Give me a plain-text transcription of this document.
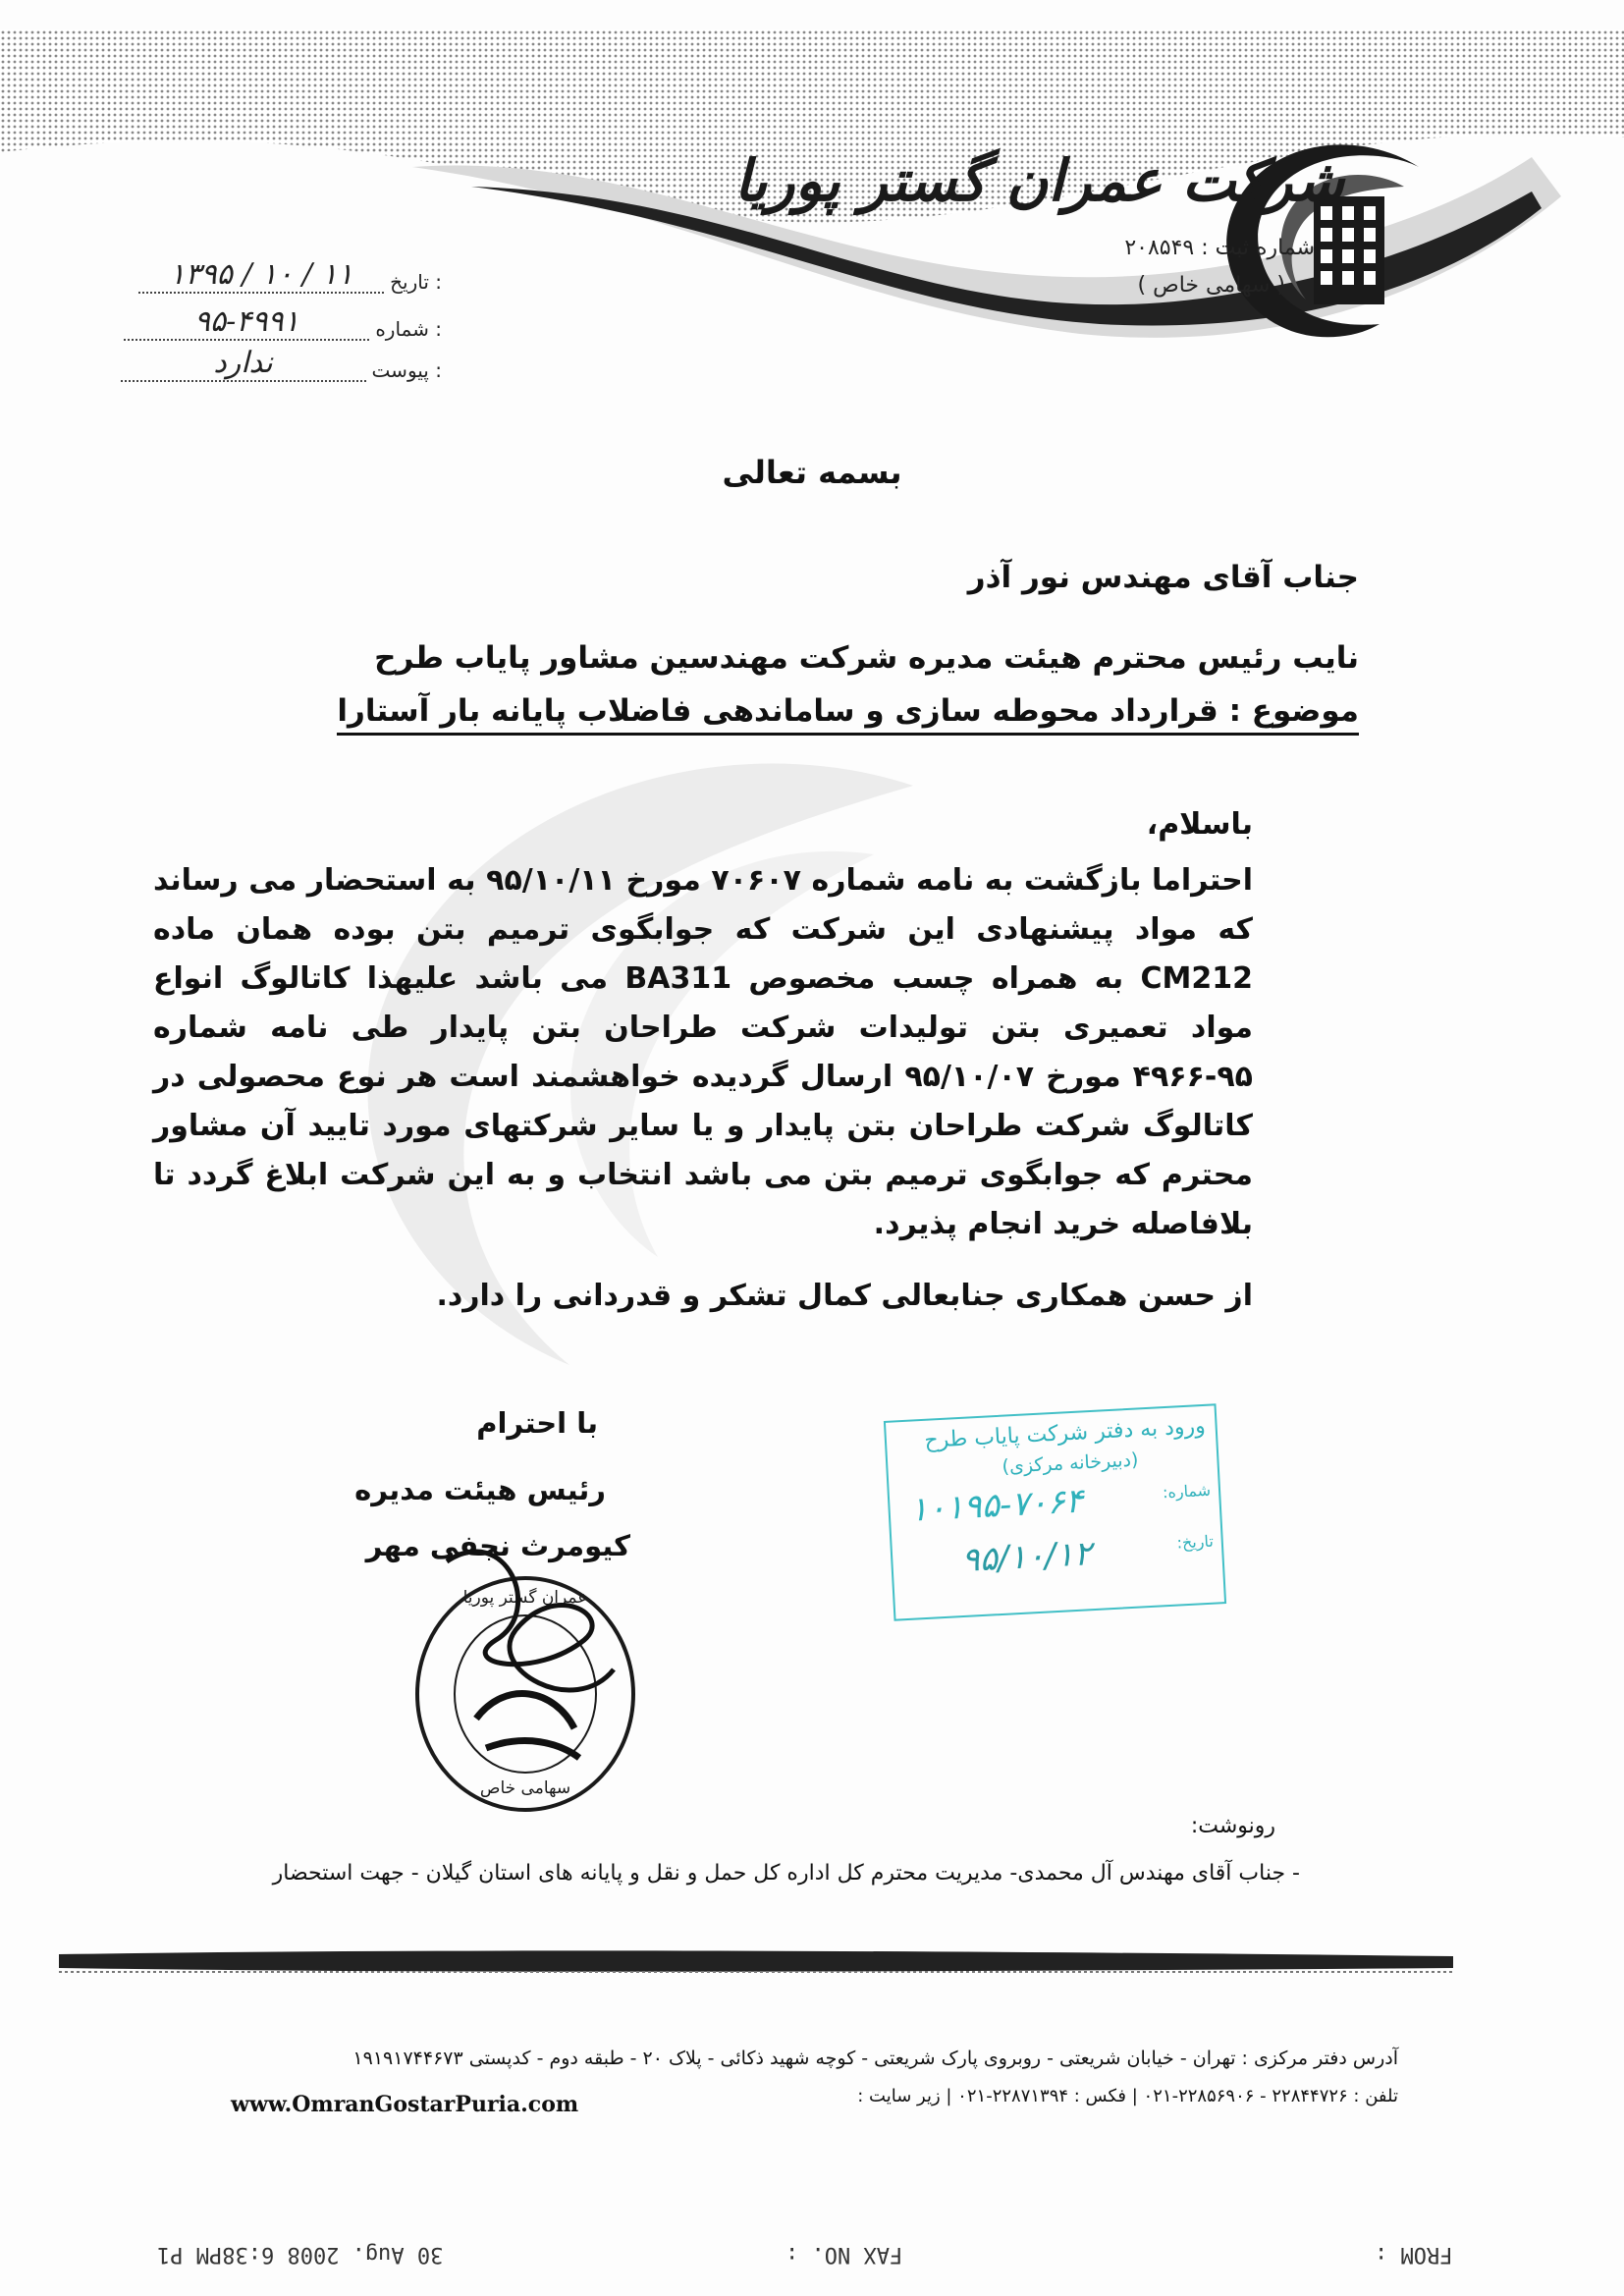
شرکت عمران گستر پوریا
شماره ثبت : ۲۰۸۵۴۹
( سهامی خاص )
تاریخ :
۱۳۹۵ / ۱۰ / ۱۱
شماره :
۹۵-۴۹۹۱
پیوست :
ندارد
بسمه تعالی
جناب آقای مهندس نور آذر
نایب رئیس محترم هیئت مدیره شرکت مهندسین مشاور پایاب طرح
موضوع : قرارداد محوطه سازی و ساماندهی فاضلاب پایانه بار آستارا
باسلام،
احتراما بازگشت به نامه شماره ۷۰۶۰۷ مورخ ۹۵/۱۰/۱۱ به استحضار می رساند که مواد پیشنهادی این شرکت که جوابگوی ترمیم بتن بوده همان ماده CM212 به همراه چسب مخصوص BA311 می باشد علیهذا کاتالوگ انواع مواد تعمیری بتن تولیدات شرکت طراحان بتن پایدار طی نامه شماره ۹۵-۴۹۶۶ مورخ ۹۵/۱۰/۰۷ ارسال گردیده خواهشمند است هر نوع محصولی در کاتالوگ شرکت طراحان بتن پایدار و یا سایر شرکتهای مورد تایید آن مشاور محترم که جوابگوی ترمیم بتن می باشد انتخاب و به این شرکت ابلاغ گردد تا بلافاصله خرید انجام پذیرد.
از حسن همکاری جنابعالی کمال تشکر و قدردانی را دارد.
با احترام
رئیس هیئت مدیره
کیومرث نجفی مهر
عمران گستر پوریا
سهامی خاص
ورود به دفتر شرکت پایاب طرح
(دبیرخانه مرکزی)
شماره:
۱۰۱۹۵-۷۰۶۴
تاریخ:
۹۵/۱۰/۱۲
رونوشت:
- جناب آقای مهندس آل محمدی- مدیریت محترم کل اداره کل حمل و نقل و پایانه های استان گیلان - جهت استحضار
آدرس دفتر مرکزی : تهران - خیابان شریعتی - روبروی پارک شریعتی - کوچه شهید ذکائی - پلاک ۲۰ - طبقه دوم - کدپستی ۱۹۱۹۱۷۴۴۶۷۳
تلفن : ۲۲۸۴۴۷۲۶ - ۲۲۸۵۶۹۰۶-۰۲۱ | فکس : ۲۲۸۷۱۳۹۴-۰۲۱ | زیر سایت :
www.OmranGostarPuria.com
FROM :
FAX NO. :
30 Aug. 2008 6:38PM P1
